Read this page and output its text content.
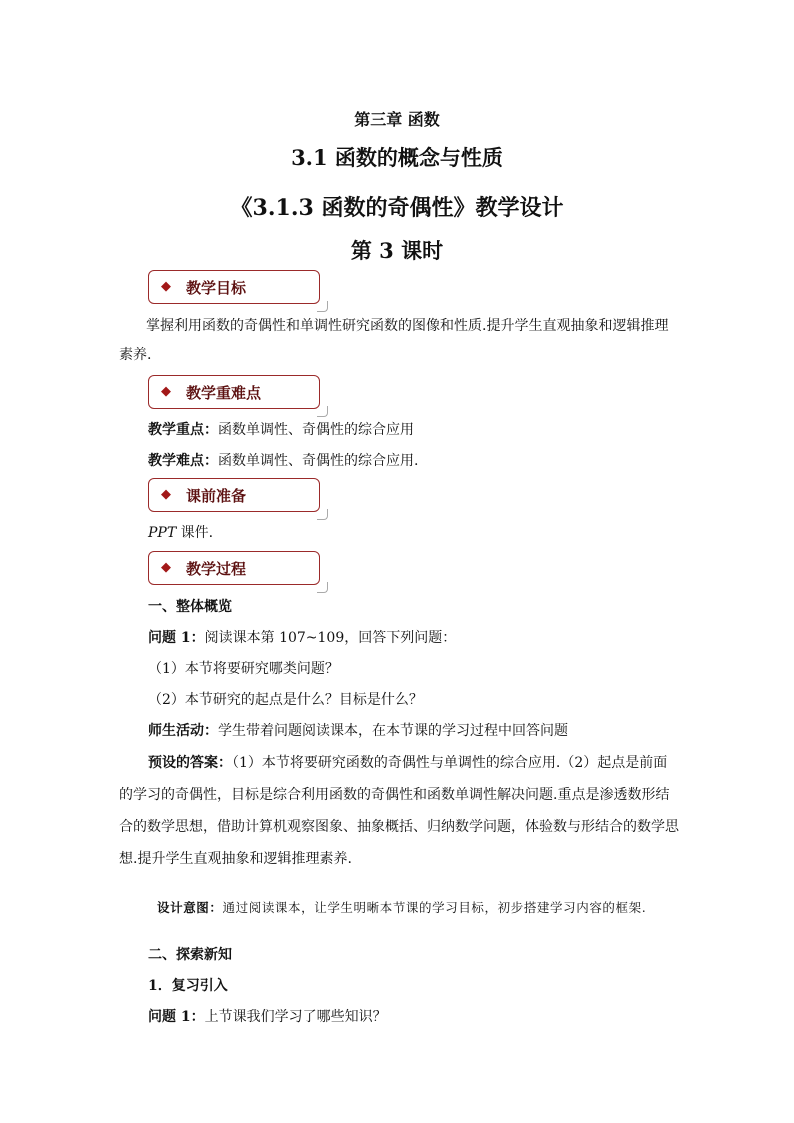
第三章 函数
3.1 函数的概念与性质
《3.1.3 函数的奇偶性》教学设计
第 3 课时
◆ 教学目标
掌握利用函数的奇偶性和单调性研究函数的图像和性质.提升学生直观抽象和逻辑推理
素养.
◆ 教学重难点
教学重点：函数单调性、奇偶性的综合应用
教学难点：函数单调性、奇偶性的综合应用.
◆ 课前准备
PPT 课件.
◆ 教学过程
一、整体概览
问题 1：阅读课本第 107~109，回答下列问题：
（1）本节将要研究哪类问题？
（2）本节研究的起点是什么？目标是什么？
师生活动：学生带着问题阅读课本，在本节课的学习过程中回答问题
预设的答案：（1）本节将要研究函数的奇偶性与单调性的综合应用.（2）起点是前面
的学习的奇偶性，目标是综合利用函数的奇偶性和函数单调性解决问题.重点是渗透数形结
合的数学思想，借助计算机观察图象、抽象概括、归纳数学问题，体验数与形结合的数学思
想.提升学生直观抽象和逻辑推理素养.
设计意图：通过阅读课本，让学生明晰本节课的学习目标，初步搭建学习内容的框架.
二、探索新知
1．复习引入
问题 1：上节课我们学习了哪些知识？
